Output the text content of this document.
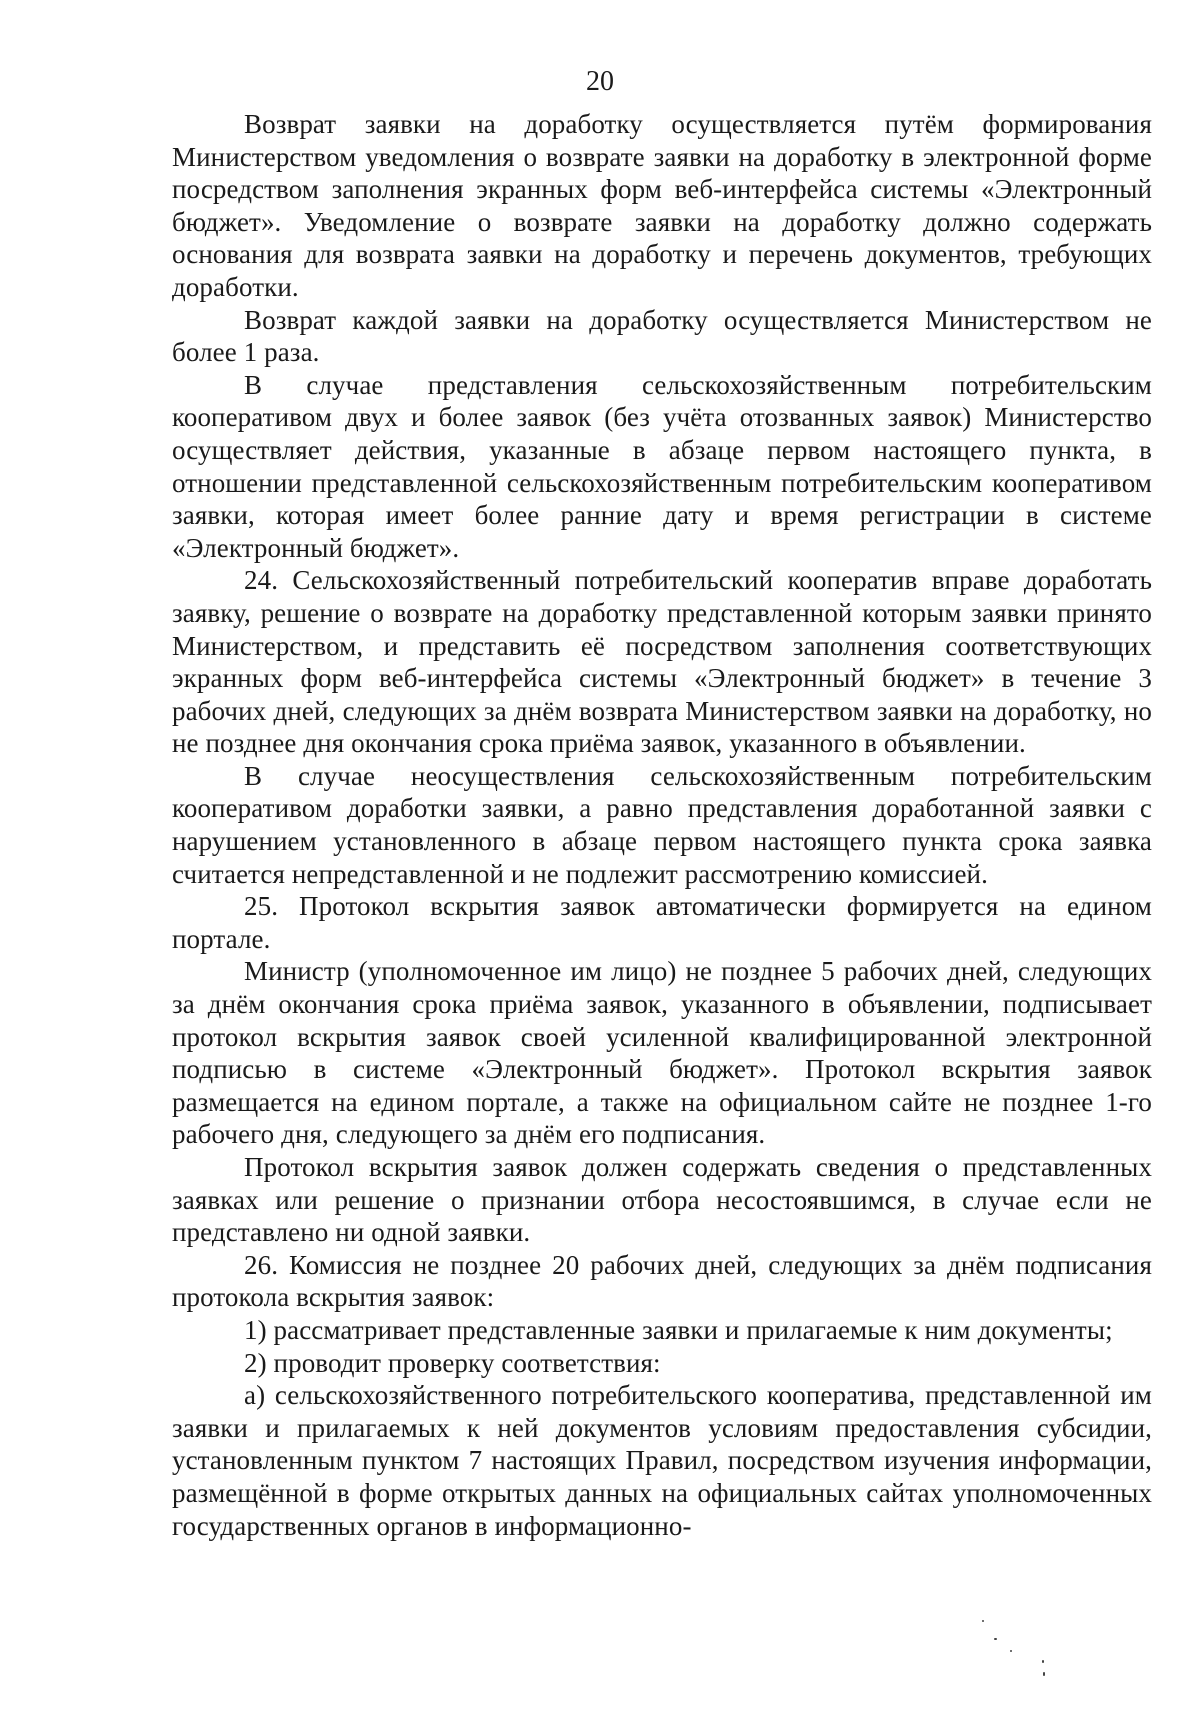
20

Возврат заявки на доработку осуществляется путём формирования Министерством уведомления о возврате заявки на доработку в электронной форме посредством заполнения экранных форм веб-интерфейса системы «Электронный бюджет». Уведомление о возврате заявки на доработку должно содержать основания для возврата заявки на доработку и перечень документов, требующих доработки.

Возврат каждой заявки на доработку осуществляется Министерством не более 1 раза.

В случае представления сельскохозяйственным потребительским кооперативом двух и более заявок (без учёта отозванных заявок) Министерство осуществляет действия, указанные в абзаце первом настоящего пункта, в отношении представленной сельскохозяйственным потребительским кооперативом заявки, которая имеет более ранние дату и время регистрации в системе «Электронный бюджет».

24. Сельскохозяйственный потребительский кооператив вправе доработать заявку, решение о возврате на доработку представленной которым заявки принято Министерством, и представить её посредством заполнения соответствующих экранных форм веб-интерфейса системы «Электронный бюджет» в течение 3 рабочих дней, следующих за днём возврата Министерством заявки на доработку, но не позднее дня окончания срока приёма заявок, указанного в объявлении.

В случае неосуществления сельскохозяйственным потребительским кооперативом доработки заявки, а равно представления доработанной заявки с нарушением установленного в абзаце первом настоящего пункта срока заявка считается непредставленной и не подлежит рассмотрению комиссией.

25. Протокол вскрытия заявок автоматически формируется на едином портале.

Министр (уполномоченное им лицо) не позднее 5 рабочих дней, следующих за днём окончания срока приёма заявок, указанного в объявлении, подписывает протокол вскрытия заявок своей усиленной квалифицированной электронной подписью в системе «Электронный бюджет». Протокол вскрытия заявок размещается на едином портале, а также на официальном сайте не позднее 1-го рабочего дня, следующего за днём его подписания.

Протокол вскрытия заявок должен содержать сведения о представленных заявках или решение о признании отбора несостоявшимся, в случае если не представлено ни одной заявки.

26. Комиссия не позднее 20 рабочих дней, следующих за днём подписания протокола вскрытия заявок:

1) рассматривает представленные заявки и прилагаемые к ним документы;

2) проводит проверку соответствия:

а) сельскохозяйственного потребительского кооператива, представленной им заявки и прилагаемых к ней документов условиям предоставления субсидии, установленным пунктом 7 настоящих Правил, посредством изучения информации, размещённой в форме открытых данных на официальных сайтах уполномоченных государственных органов в информационно-
